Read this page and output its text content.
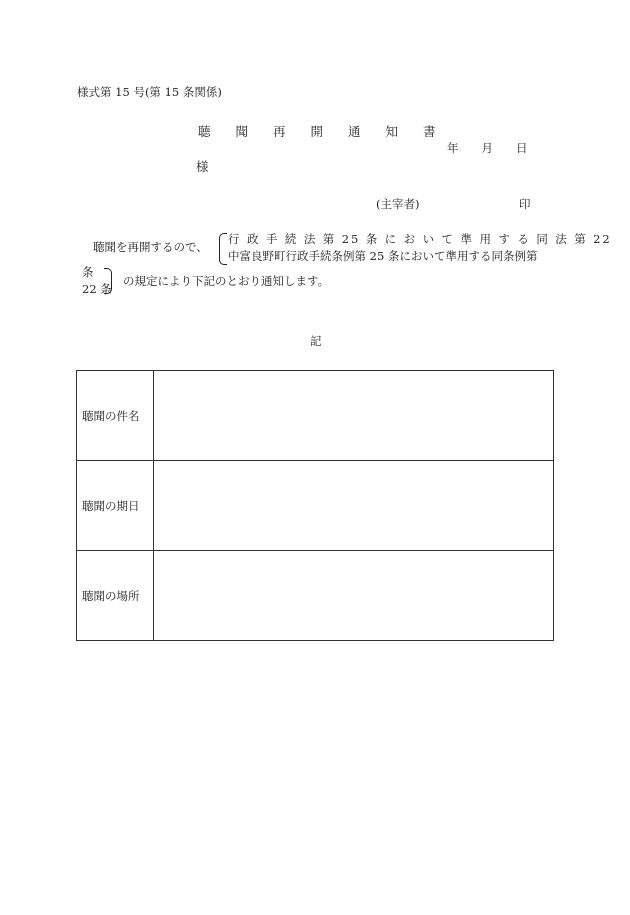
様式第 15 号(第 15 条関係)
聴　　聞　　再　　開　　通　　知　　書
年　　月　　日
様
(主宰者)	印
聴聞を再開するので、
行 政 手 続 法 第 25 条 に お い て 準 用 す る 同 法 第 22
中富良野町行政手続条例第 25 条において準用する同条例第
条
22 条
の規定により下記のとおり通知します。
記
聴聞の件名	
聴聞の期日	
聴聞の場所	
